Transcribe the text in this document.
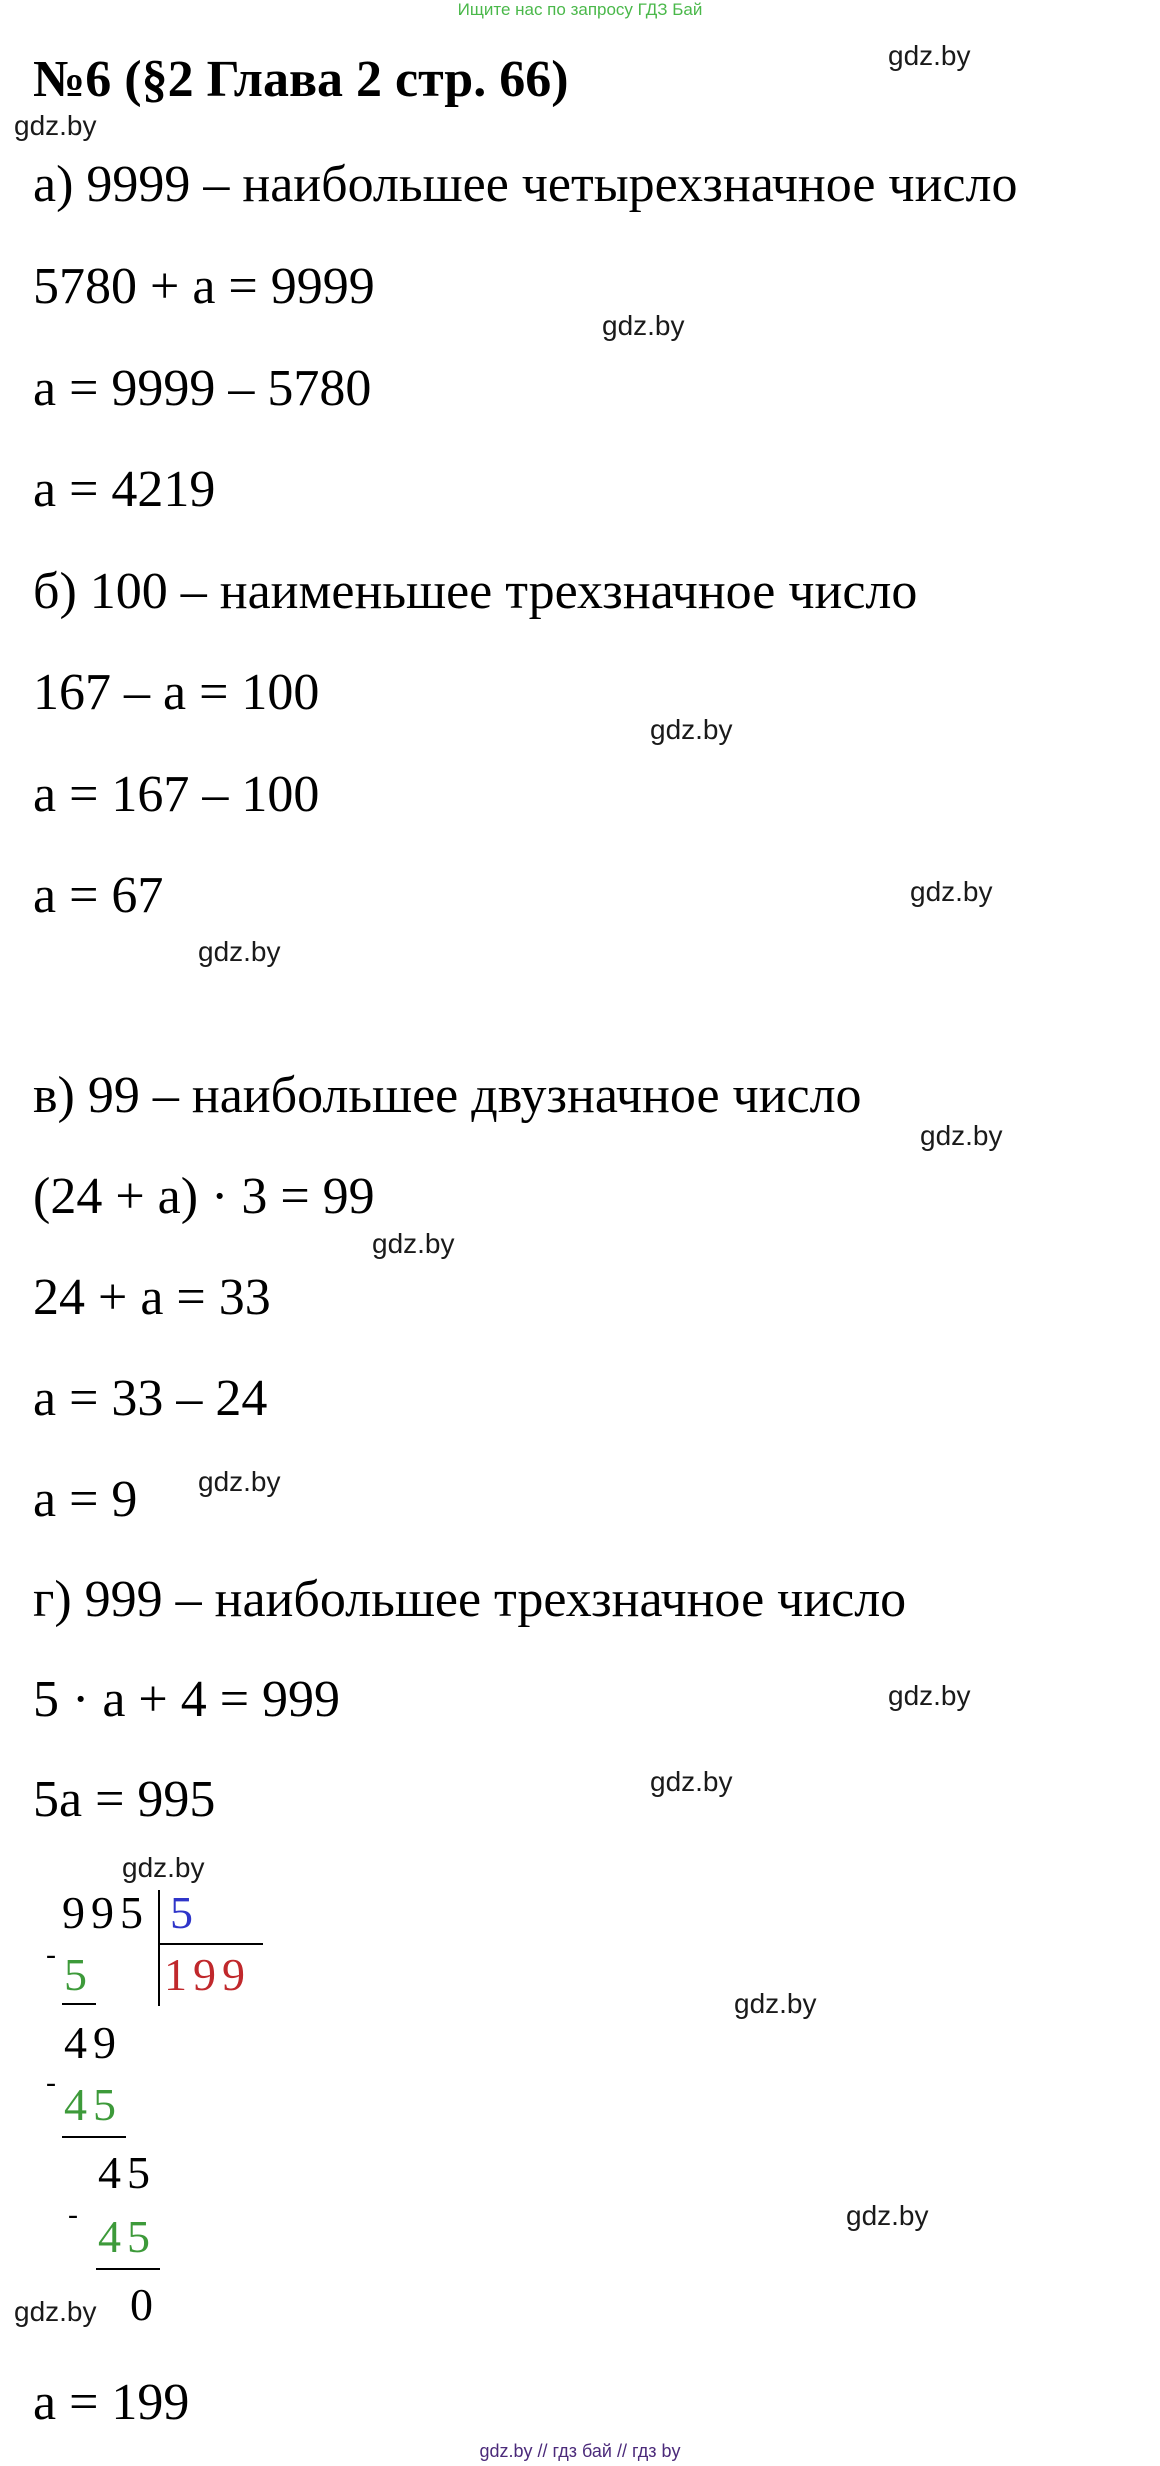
Ищите нас по запросу ГДЗ Бай
№6 (§2 Глава 2 стр. 66)
а) 9999 – наибольшее четырехзначное число
5780 + а = 9999
а = 9999 – 5780
а = 4219
б) 100 – наименьшее трехзначное число
167 – а = 100
а = 167 – 100
а = 67
в) 99 – наибольшее двузначное число
(24 + а) · 3 = 99
24 + а = 33
а = 33 – 24
а = 9
г) 999 – наибольшее трехзначное число
5 · а + 4 = 999
5а = 995
а = 199
995 5
199
- 5
49
- 45
45
- 45
0
gdz.by
gdz.by
gdz.by
gdz.by
gdz.by
gdz.by
gdz.by
gdz.by
gdz.by
gdz.by
gdz.by
gdz.by
gdz.by
gdz.by
gdz.by
gdz.by // гдз бай // гдз by
